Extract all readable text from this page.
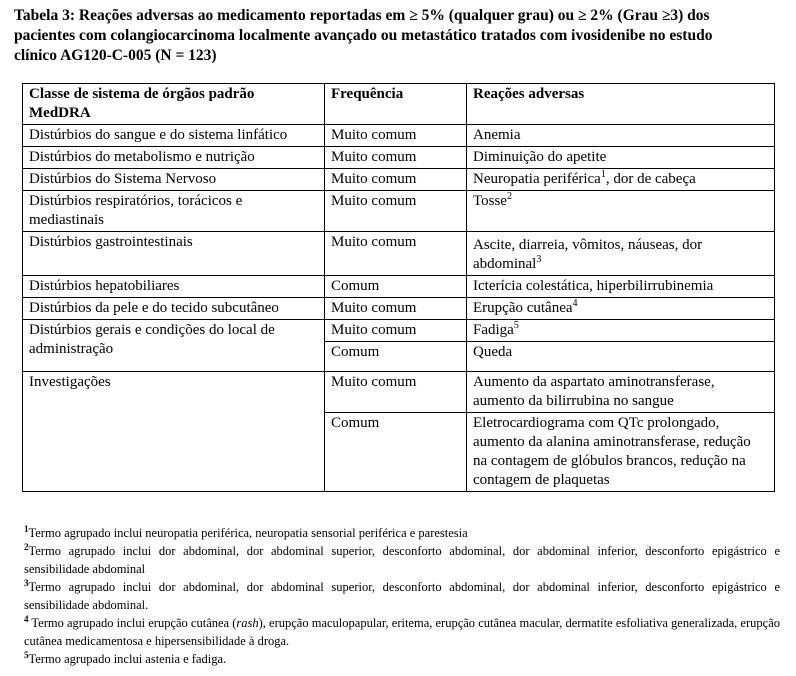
Tabela 3: Reações adversas ao medicamento reportadas em ≥ 5% (qualquer grau) ou ≥ 2% (Grau ≥3) dos
pacientes com colangiocarcinoma localmente avançado ou metastático tratados com ivosidenibe no estudo
clínico AG120-C-005 (N = 123)
Classe de sistema de órgãos padrão MedDRA	Frequência	Reações adversas
Distúrbios do sangue e do sistema linfático	Muito comum	Anemia
Distúrbios do metabolismo e nutrição	Muito comum	Diminuição do apetite
Distúrbios do Sistema Nervoso	Muito comum	Neuropatia periférica$^1$, dor de cabeça
Distúrbios respiratórios, torácicos e mediastinais	Muito comum	Tosse$^2$
Distúrbios gastrointestinais	Muito comum	Ascite, diarreia, vômitos, náuseas, dor abdominal$^3$
Distúrbios hepatobiliares	Comum	Icterícia colestática, hiperbilirrubinemia
Distúrbios da pele e do tecido subcutâneo	Muito comum	Erupção cutânea$^4$
Distúrbios gerais e condições do local de administração	Muito comum	Fadiga$^5$
	Comum	Queda
Investigações	Muito comum	Aumento da aspartato aminotransferase, aumento da bilirrubina no sangue
	Comum	Eletrocardiograma com QTc prolongado, aumento da alanina aminotransferase, redução na contagem de glóbulos brancos, redução na contagem de plaquetas

$^1$Termo agrupado inclui neuropatia periférica, neuropatia sensorial periférica e parestesia

$^2$Termo agrupado inclui dor abdominal, dor abdominal superior, desconforto abdominal, dor abdominal inferior, desconforto epigástrico e sensibilidade abdominal

$^3$Termo agrupado inclui dor abdominal, dor abdominal superior, desconforto abdominal, dor abdominal inferior, desconforto epigástrico e sensibilidade abdominal.

$^4$ Termo agrupado inclui erupção cutânea (rash), erupção maculopapular, eritema, erupção cutânea macular, dermatite esfoliativa generalizada, erupção cutânea medicamentosa e hipersensibilidade à droga.

$^5$Termo agrupado inclui astenia e fadiga.
